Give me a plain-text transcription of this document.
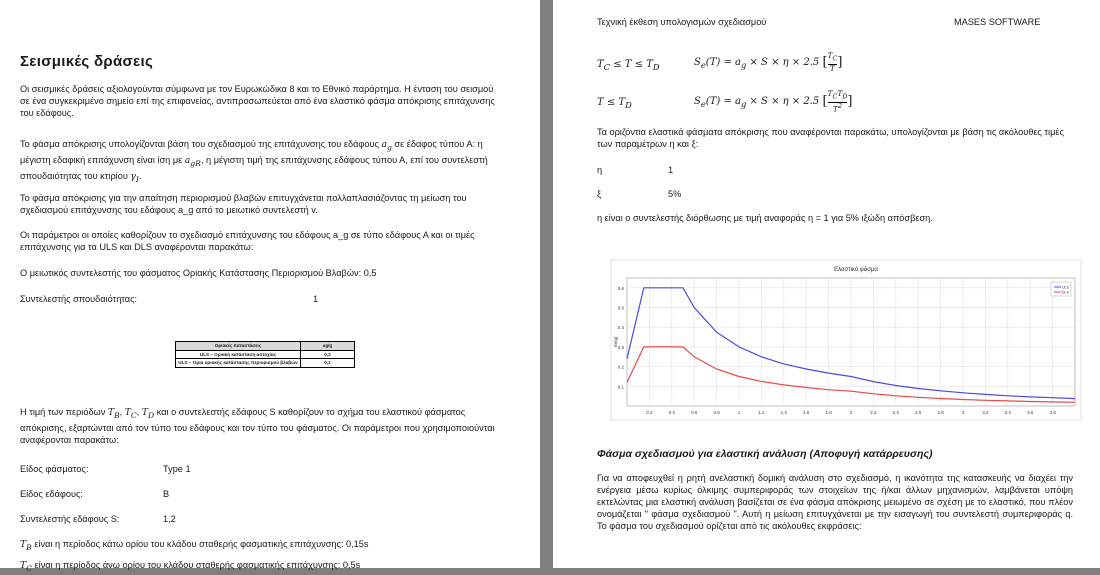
Σεισμικές δράσεις

Οι σεισμικές δράσεις αξιολογούνται σύμφωνα με τον Ευρωκώδικα 8 και το Εθνικό παράρτημα. Η ένταση του σεισμού σε ένα συγκεκριμένο σημείο επί της επιφανείας, αντιπροσωπεύεται από ένα ελαστικό φάσμα απόκρισης επιτάχυνσης του εδάφους.

Το φάσμα απόκρισης υπολογίζονται βάση του σχεδιασμού της επιτάχυνσης του εδάφους $a_g$ σε έδαφος τύπου Α: η μέγιστη εδαφική επιτάχυνση είναι ίση με $a_{gR}$, η μέγιστη τιμή της επιτάχυνσης εδάφους τύπου Α, επί του συντελεστή σπουδαιότητας του κτιρίου $\gamma_I$.

Το φάσμα απόκρισης για την απαίτηση περιορισμού βλαβών επιτυγχάνεται πολλαπλασιάζοντας τη μείωση του σχεδιασμού επιτάχυνσης του εδάφους a_g από το μειωτικό συντελεστή v.

Οι παράμετροι οι οποίες καθορίζουν το σχεδιασμό επιτάχυνσης του εδάφους a_g σε τύπο εδάφους Α και οι τιμές επιτάχυνσης για τα ULS και DLS αναφέρονται παρακάτω:

Ο μειωτικός συντελεστής του φάσματος Οριακής Κατάστασης Περιορισμού Βλαβών: 0,5

Συντελεστής σπουδαιότητας:	1

Οριακές Καταστάσεις	ag/g
ULS – Οριακή κατάσταση αστοχίας	0,2
ULS – Όρια οριακής κατάστασης περιορισμού βλαβών	0,1

Η τιμή των περιόδων $T_B$, $T_C$, $T_D$ και ο συντελεστής εδάφους S καθορίζουν το σχήμα του ελαστικού φάσματος απόκρισης, εξαρτώνται από τον τύπο του εδάφους και τον τύπο του φάσματος. Οι παράμετροι που χρησιμοποιούνται αναφέρονται παρακάτω:

Είδος φάσματος:	Type 1

Είδος εδάφους:	B

Συντελεστής εδάφους S:	1,2

$T_B$ είναι η περίοδος κάτω ορίου του κλάδου σταθερής φασματικής επιτάχυνσης: 0,15s

$T_C$ είναι η περίοδος άνω ορίου του κλάδου σταθερής φασματικής επιτάχυνσης: 0,5s

Τεχνική έκθεση υπολογισμών σχεδιασμού	MASES SOFTWARE

$T_C \le T \le T_D$	$S_e(T) = a_g \times S \times \eta \times 2.5$ [ $\frac{T_C}{T}$ ]
$T \le T_D$	$S_e(T) = a_g \times S \times \eta \times 2.5$ [ $\frac{T_CT_D}{T^2}$ ]

Τα οριζόντια ελαστικά φάσματα απόκρισης που αναφέρονται παρακάτω, υπολογίζονται με βάση τις ακόλουθες τιμές των παραμέτρων η και ξ:

η	1

ξ	5%

η είναι ο συντελεστής διόρθωσης με τιμή αναφοράς η = 1 για 5% ιξώδη απόσβεση.

0.1
0.2
0.3
0.4
0.5
0.6
0.2	0.4	0.6	0.8	1	1.2	1.4	1.6	1.8	2	2.2	2.4	2.6	2.8	3	3.2	3.4	3.6	3.8
Ελαστικό φάσμα
Se(g)
ULS
DLS
Φάσμα σχεδιασμού για ελαστική ανάλυση (Αποφυγή κατάρρευσης)

Για να αποφευχθεί η ρητή ανελαστική δομική ανάλυση στο σχεδιασμό, η ικανότητα της κατασκευής να διαχέει την ενέργεια μέσω κυρίως όλκιμης συμπεριφοράς των στοιχείων της ή/και άλλων μηχανισμών, λαμβάνεται υπόψη εκτελώντας μια ελαστική ανάλυση βασίζεται σε ένα φάσμα απόκρισης μειωμένο σε σχέση με το ελαστικό, που πλέον ονομάζεται " φάσμα σχεδιασμού ". Αυτή η μείωση επιτυγχάνεται με την εισαγωγή του συντελεστή συμπεριφοράς q. Το φάσμα του σχεδιασμού ορίζεται από τις ακόλουθες εκφράσεις:
